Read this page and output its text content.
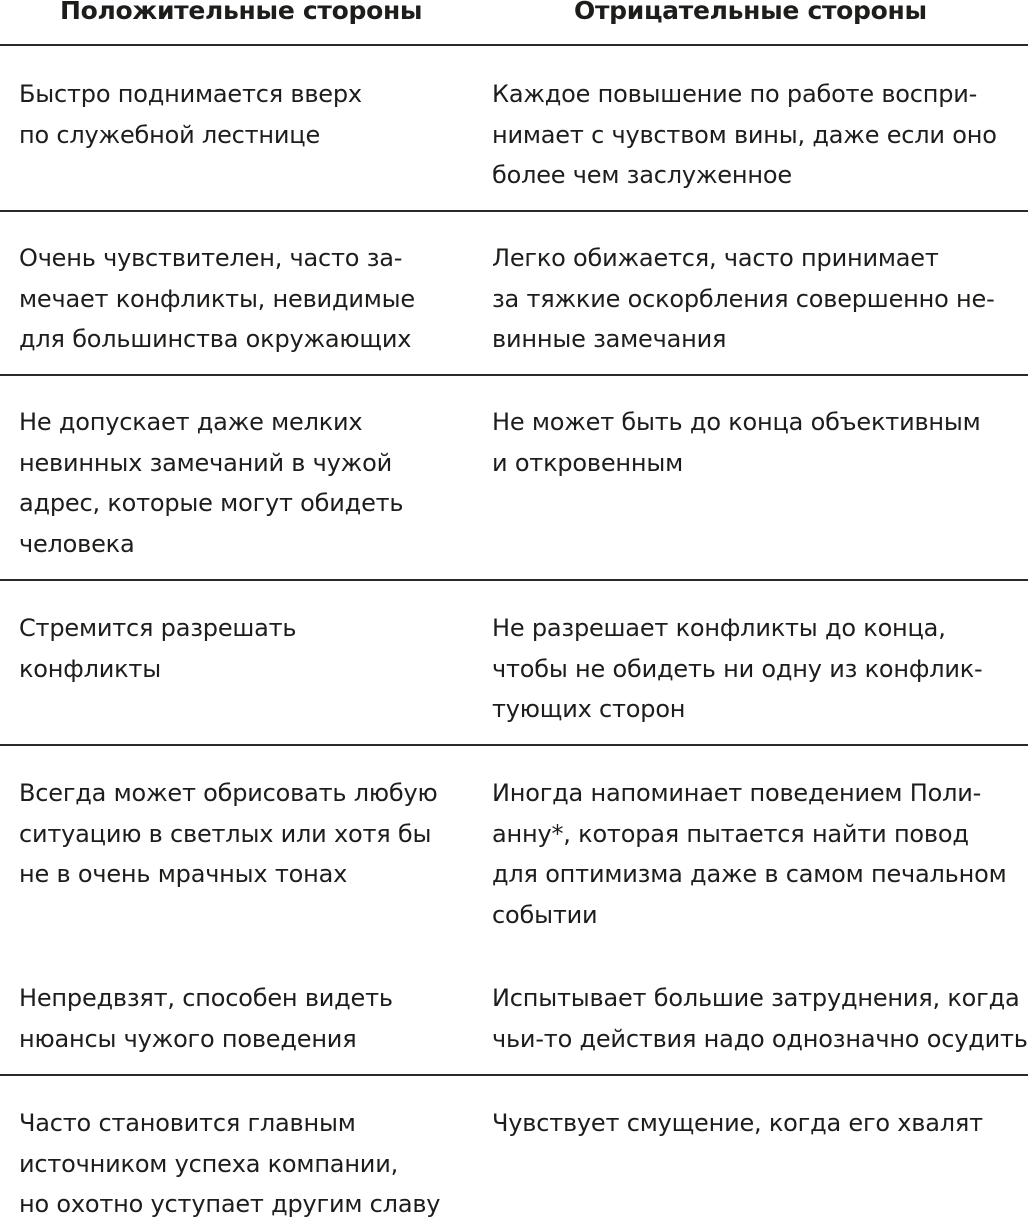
Положительные стороны	Отрицательные стороны
Быстро поднимается вверх
по служебной лестнице
Каждое повышение по работе воспри-
нимает с чувством вины, даже если оно
более чем заслуженное
Очень чувствителен, часто за-
мечает конфликты, невидимые
для большинства окружающих
Легко обижается, часто принимает
за тяжкие оскорбления совершенно не-
винные замечания
Не допускает даже мелких
невинных замечаний в чужой
адрес, которые могут обидеть
человека
Не может быть до конца объективным
и откровенным
Стремится разрешать
конфликты
Не разрешает конфликты до конца,
чтобы не обидеть ни одну из конфлик-
тующих сторон
Всегда может обрисовать любую
ситуацию в светлых или хотя бы
не в очень мрачных тонах
Иногда напоминает поведением Поли-
анну*, которая пытается найти повод
для оптимизма даже в самом печальном
событии
Непредвзят, способен видеть
нюансы чужого поведения
Испытывает большие затруднения, когда
чьи-то действия надо однозначно осудить
Часто становится главным
источником успеха компании,
но охотно уступает другим славу
Чувствует смущение, когда его хвалят
